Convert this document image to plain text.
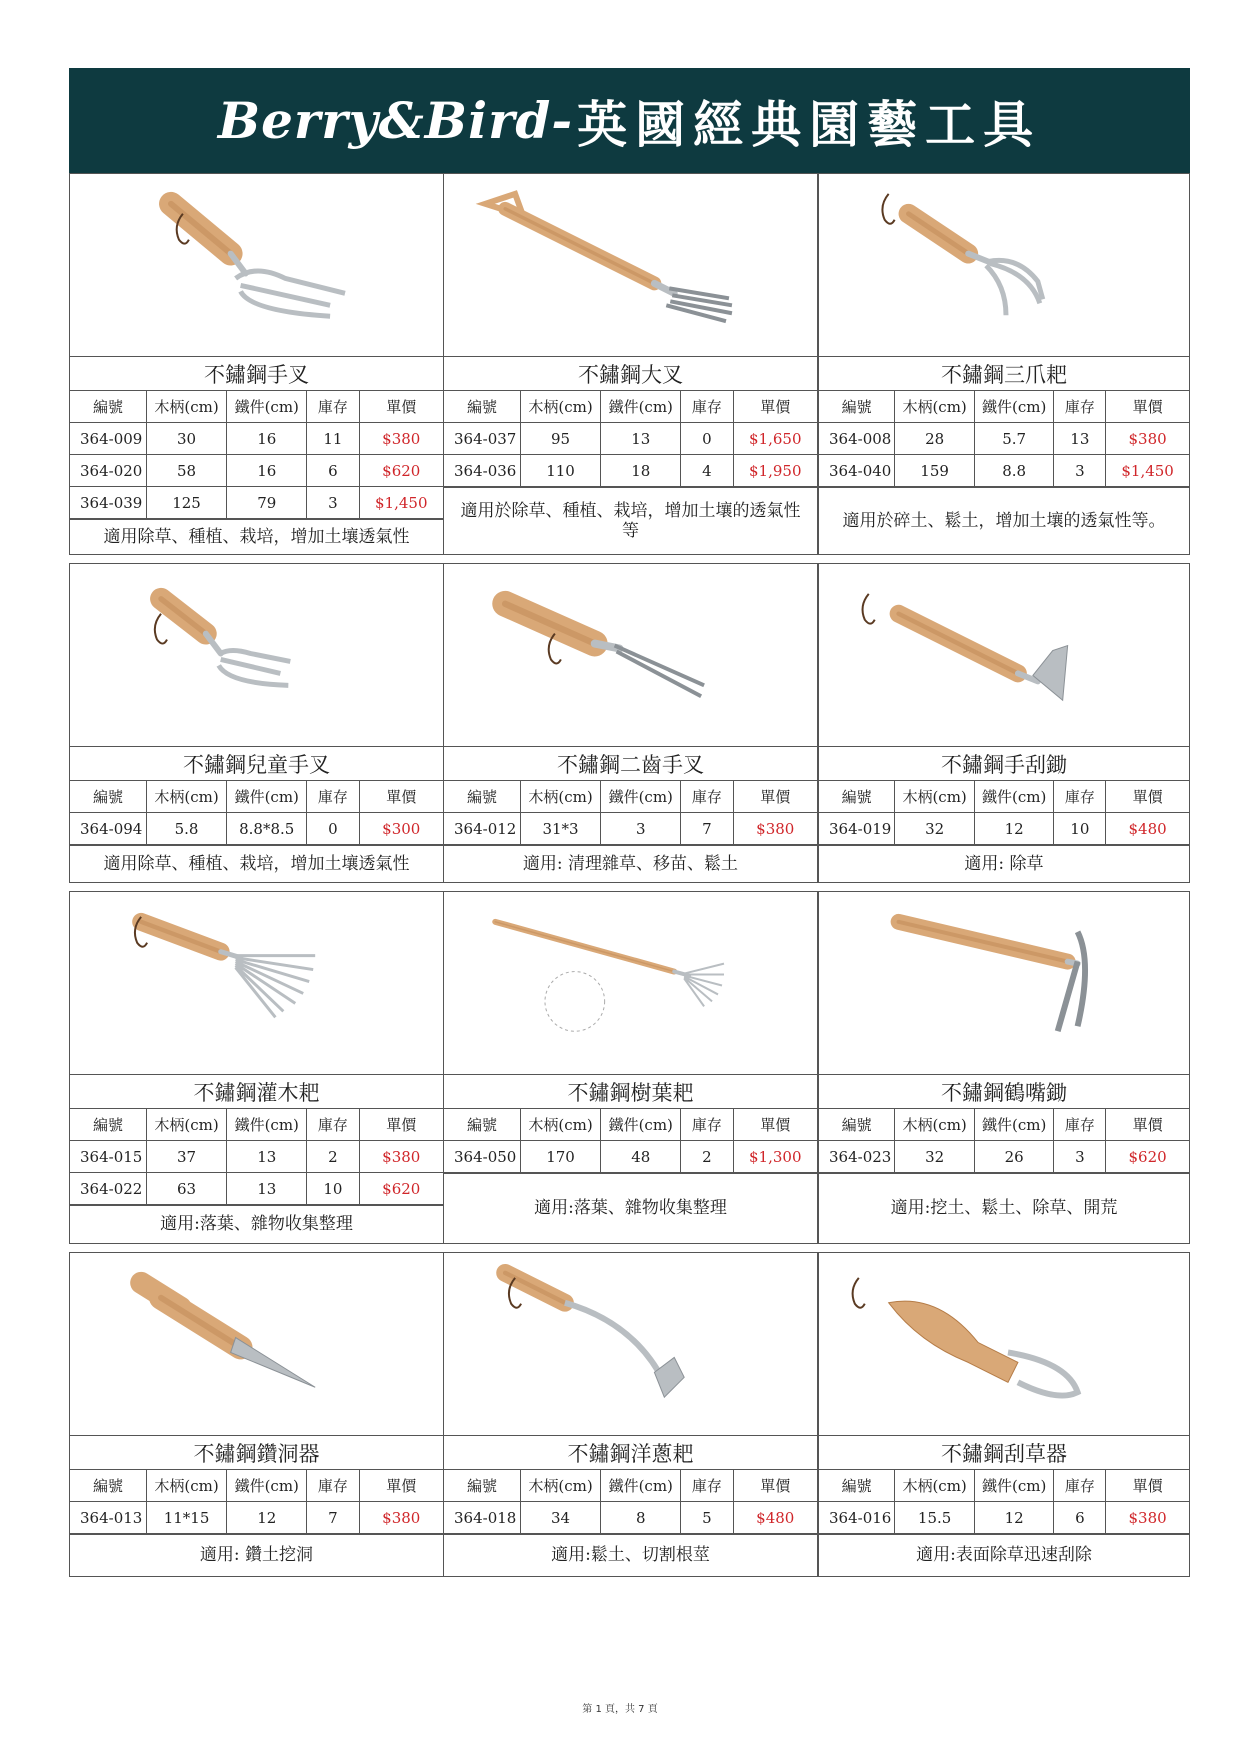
Berry&Bird- 英國經典園藝工具
不鏽鋼手叉
編號	木柄(cm)	鐵件(cm)	庫存	單價
364-009	30	16	11	$380
364-020	58	16	6	$620
364-039	125	79	3	$1,450
適用除草、種植、栽培，增加土壤透氣性
不鏽鋼大叉
編號	木柄(cm)	鐵件(cm)	庫存	單價
364-037	95	13	0	$1,650
364-036	110	18	4	$1,950
適用於除草、種植、栽培，增加土壤的透氣性等
不鏽鋼三爪耙
編號	木柄(cm)	鐵件(cm)	庫存	單價
364-008	28	5.7	13	$380
364-040	159	8.8	3	$1,450
適用於碎土、鬆土，增加土壤的透氣性等。
不鏽鋼兒童手叉
編號	木柄(cm)	鐵件(cm)	庫存	單價
364-094	5.8	8.8*8.5	0	$300
適用除草、種植、栽培，增加土壤透氣性
不鏽鋼二齒手叉
編號	木柄(cm)	鐵件(cm)	庫存	單價
364-012	31*3	3	7	$380
適用: 清理雜草、移苗、鬆土
不鏽鋼手刮鋤
編號	木柄(cm)	鐵件(cm)	庫存	單價
364-019	32	12	10	$480
適用: 除草
不鏽鋼灌木耙
編號	木柄(cm)	鐵件(cm)	庫存	單價
364-015	37	13	2	$380
364-022	63	13	10	$620
適用:落葉、雜物收集整理
不鏽鋼樹葉耙
編號	木柄(cm)	鐵件(cm)	庫存	單價
364-050	170	48	2	$1,300
適用:落葉、雜物收集整理
不鏽鋼鶴嘴鋤
編號	木柄(cm)	鐵件(cm)	庫存	單價
364-023	32	26	3	$620
適用:挖土、鬆土、除草、開荒
不鏽鋼鑽洞器
編號	木柄(cm)	鐵件(cm)	庫存	單價
364-013	11*15	12	7	$380
適用: 鑽土挖洞
不鏽鋼洋蔥耙
編號	木柄(cm)	鐵件(cm)	庫存	單價
364-018	34	8	5	$480
適用:鬆土、切割根莖
不鏽鋼刮草器
編號	木柄(cm)	鐵件(cm)	庫存	單價
364-016	15.5	12	6	$380
適用:表面除草迅速刮除
第 1 頁，共 7 頁
